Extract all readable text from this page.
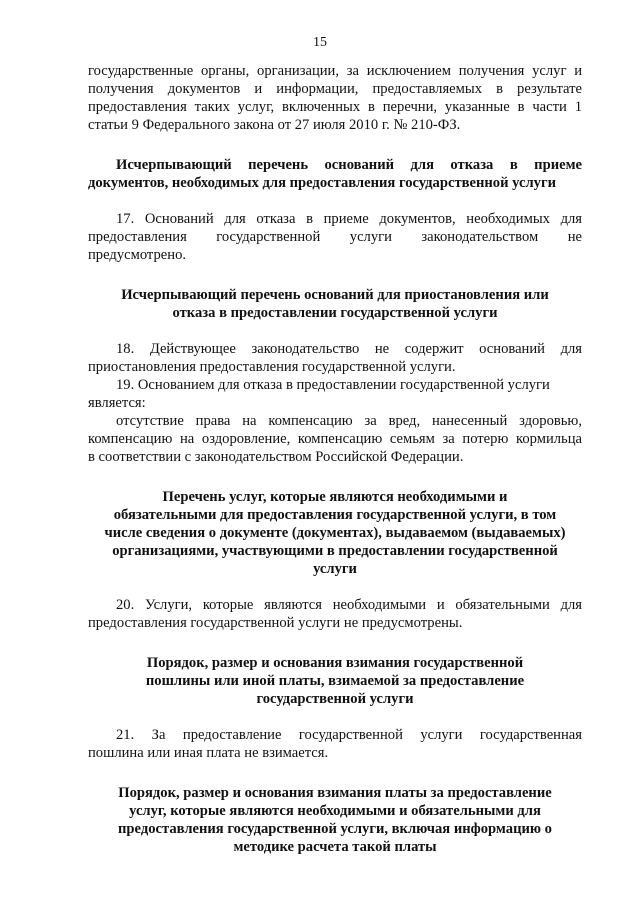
15
государственные органы, организации, за исключением получения услуг и
получения документов и информации, предоставляемых в результате
предоставления таких услуг, включенных в перечни, указанные в части 1
статьи 9 Федерального закона от 27 июля 2010 г. № 210-ФЗ.
Исчерпывающий перечень оснований для отказа в приеме
документов, необходимых для предоставления государственной услуги
17. Оснований для отказа в приеме документов, необходимых для
предоставления государственной услуги законодательством не
предусмотрено.
Исчерпывающий перечень оснований для приостановления или
отказа в предоставлении государственной услуги
18. Действующее законодательство не содержит оснований для
приостановления предоставления государственной услуги.
19. Основанием для отказа в предоставлении государственной услуги
является:
отсутствие права на компенсацию за вред, нанесенный здоровью,
компенсацию на оздоровление, компенсацию семьям за потерю кормильца
в соответствии с законодательством Российской Федерации.
Перечень услуг, которые являются необходимыми и
обязательными для предоставления государственной услуги, в том
числе сведения о документе (документах), выдаваемом (выдаваемых)
организациями, участвующими в предоставлении государственной
услуги
20. Услуги, которые являются необходимыми и обязательными для
предоставления государственной услуги не предусмотрены.
Порядок, размер и основания взимания государственной
пошлины или иной платы, взимаемой за предоставление
государственной услуги
21. За предоставление государственной услуги государственная
пошлина или иная плата не взимается.
Порядок, размер и основания взимания платы за предоставление
услуг, которые являются необходимыми и обязательными для
предоставления государственной услуги, включая информацию о
методике расчета такой платы
